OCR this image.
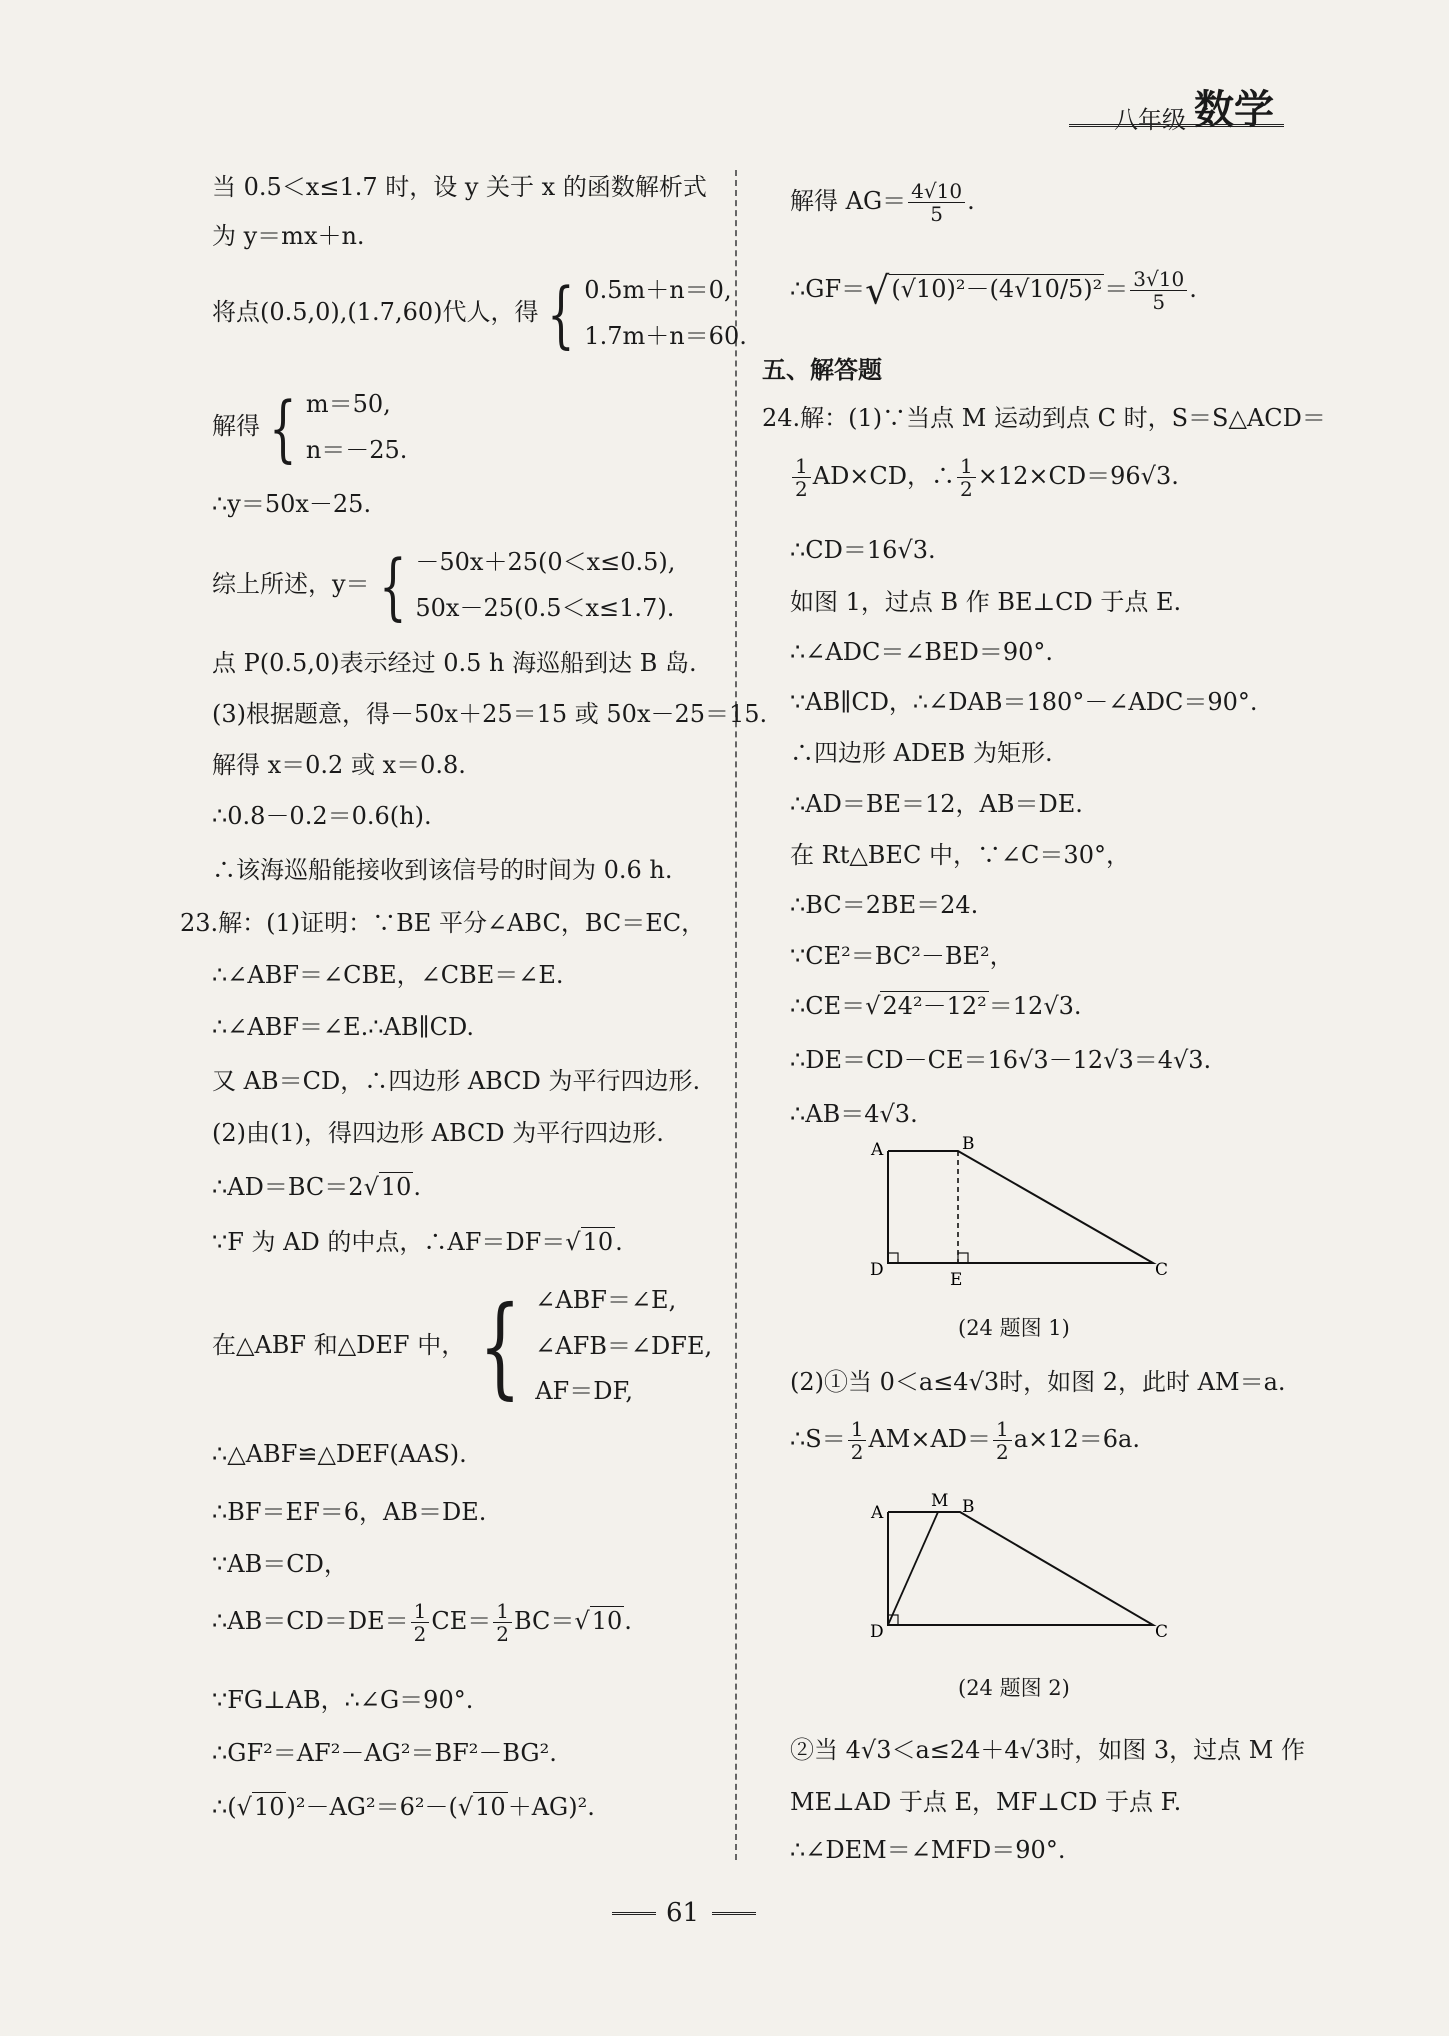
八年级 数学
当 0.5＜x≤1.7 时，设 y 关于 x 的函数解析式
为 y＝mx＋n.
将点(0.5,0),(1.7,60)代人，得 { 0.5m＋n＝0,
1.7m＋n＝60.
解得 { m＝50,
n＝－25.
∴y＝50x－25.
综上所述，y＝ { －50x＋25(0＜x≤0.5),
50x－25(0.5＜x≤1.7).
点 P(0.5,0)表示经过 0.5 h 海巡船到达 B 岛.
(3)根据题意，得－50x＋25＝15 或 50x－25＝15.
解得 x＝0.2 或 x＝0.8.
∴0.8－0.2＝0.6(h).
∴该海巡船能接收到该信号的时间为 0.6 h.
23.解：(1)证明：∵BE 平分∠ABC，BC＝EC，
∴∠ABF＝∠CBE，∠CBE＝∠E.
∴∠ABF＝∠E.∴AB∥CD.
又 AB＝CD，∴四边形 ABCD 为平行四边形.
(2)由(1)，得四边形 ABCD 为平行四边形.
∴AD＝BC＝2√10.
∵F 为 AD 的中点，∴AF＝DF＝√10.
在△ABF 和△DEF 中， { ∠ABF＝∠E,
∠AFB＝∠DFE,
AF＝DF,
∴△ABF≌△DEF(AAS).
∴BF＝EF＝6，AB＝DE.
∵AB＝CD，
∴AB＝CD＝DE＝ $\frac{1}{2} CE= \frac{1}{2} BC=√10$.
∵FG⊥AB，∴∠G＝90°.
∴GF²＝AF²－AG²＝BF²－BG².
∴(√10)²－AG²＝6²－(√10＋AG)².
解得 $AG= \frac{4√10}{5}$ .
∴GF＝√(√10)²－(4√10/5)²＝ $\frac{3√10}{5}$ .
五、解答题
24.解：(1)∵当点 M 运动到点 C 时，S＝S△ACD＝
$\frac{1}{2} AD\times CD$，∴ $\frac{1}{2} \times 12\times CD=96√3$.
∴CD＝16√3.
如图 1，过点 B 作 BE⊥CD 于点 E.
∴∠ADC＝∠BED＝90°.
∵AB∥CD，∴∠DAB＝180°－∠ADC＝90°.
∴四边形 ADEB 为矩形.
∴AD＝BE＝12，AB＝DE.
在 Rt△BEC 中，∵∠C＝30°，
∴BC＝2BE＝24.
∵CE²＝BC²－BE²，
∴CE＝√24²－12²＝12√3.
∴DE＝CD－CE＝16√3－12√3＝4√3.
∴AB＝4√3.
A	B
C
D	E
(24 题图 1)
(2)①当 0＜a≤4√3时，如图 2，此时 AM＝a.
∴S＝ $\frac{1}{2} AM\times AD= \frac{1}{2} a\times 12=6a$.
A
M B
C
D
(24 题图 2)
②当 4√3＜a≤24＋4√3时，如图 3，过点 M 作
ME⊥AD 于点 E，MF⊥CD 于点 F.
∴∠DEM＝∠MFD＝90°.
61
